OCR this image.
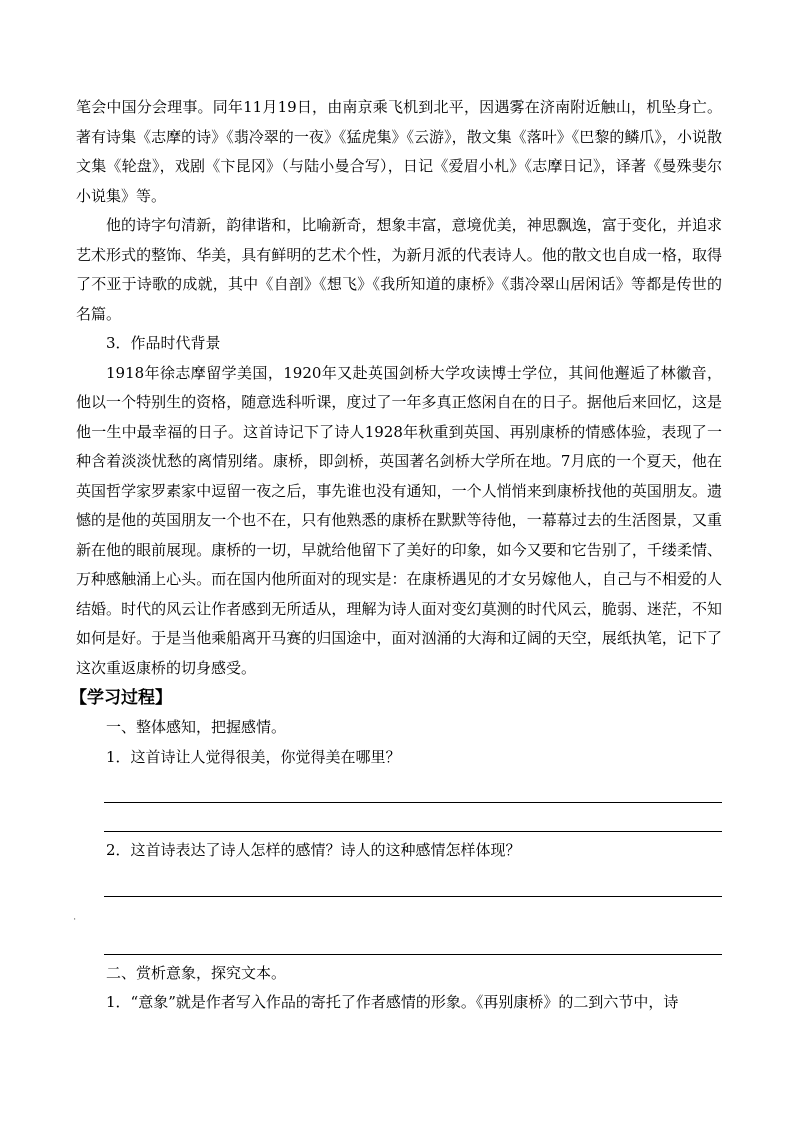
笔会中国分会理事。同年11月19日，由南京乘飞机到北平，因遇雾在济南附近触山，机坠身亡。著有诗集《志摩的诗》《翡冷翠的一夜》《猛虎集》《云游》，散文集《落叶》《巴黎的鳞爪》，小说散文集《轮盘》，戏剧《卞昆冈》（与陆小曼合写），日记《爱眉小札》《志摩日记》，译著《曼殊斐尔小说集》等。

他的诗字句清新，韵律谐和，比喻新奇，想象丰富，意境优美，神思飘逸，富于变化，并追求艺术形式的整饰、华美，具有鲜明的艺术个性，为新月派的代表诗人。他的散文也自成一格，取得了不亚于诗歌的成就，其中《自剖》《想飞》《我所知道的康桥》《翡冷翠山居闲话》等都是传世的名篇。

3．作品时代背景

1918年徐志摩留学美国，1920年又赴英国剑桥大学攻读博士学位，其间他邂逅了林徽音，他以一个特别生的资格，随意选科听课，度过了一年多真正悠闲自在的日子。据他后来回忆，这是他一生中最幸福的日子。这首诗记下了诗人1928年秋重到英国、再别康桥的情感体验，表现了一种含着淡淡忧愁的离情别绪。康桥，即剑桥，英国著名剑桥大学所在地。7月底的一个夏天，他在英国哲学家罗素家中逗留一夜之后，事先谁也没有通知，一个人悄悄来到康桥找他的英国朋友。遗憾的是他的英国朋友一个也不在，只有他熟悉的康桥在默默等待他，一幕幕过去的生活图景，又重新在他的眼前展现。康桥的一切，早就给他留下了美好的印象，如今又要和它告别了，千缕柔情、万种感触涌上心头。而在国内他所面对的现实是：在康桥遇见的才女另嫁他人，自己与不相爱的人结婚。时代的风云让作者感到无所适从，理解为诗人面对变幻莫测的时代风云，脆弱、迷茫，不知如何是好。于是当他乘船离开马赛的归国途中，面对汹涌的大海和辽阔的天空，展纸执笔，记下了这次重返康桥的切身感受。

【学习过程】

一、整体感知，把握感情。

1．这首诗让人觉得很美，你觉得美在哪里？

2．这首诗表达了诗人怎样的感情？诗人的这种感情怎样体现？

'

二、赏析意象，探究文本。

1．“意象”就是作者写入作品的寄托了作者感情的形象。《再别康桥》的二到六节中，诗
